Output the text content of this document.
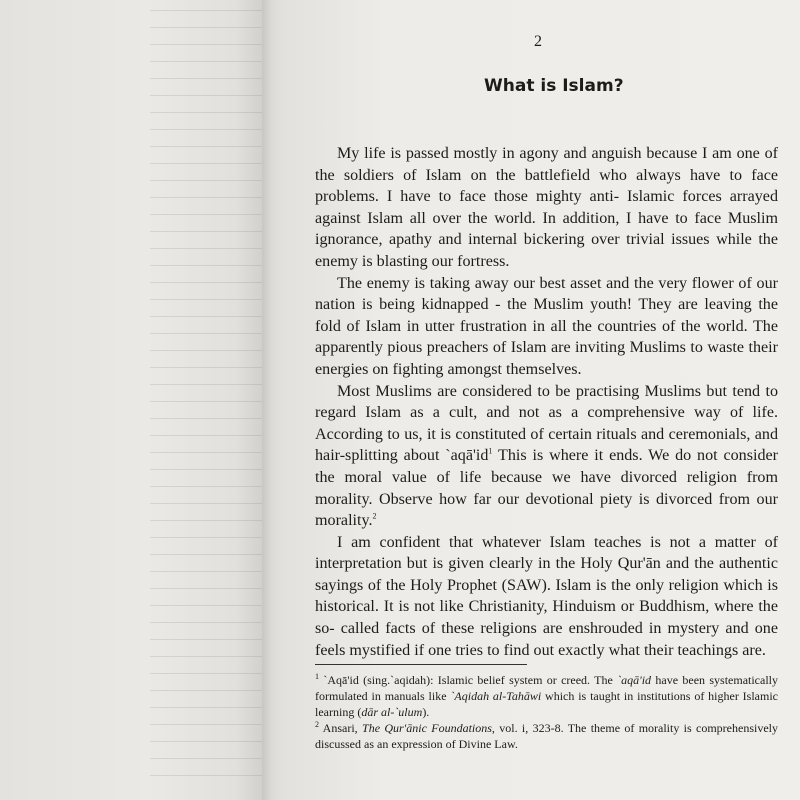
2
What is Islam?

My life is passed mostly in agony and anguish because I am one of the soldiers of Islam on the battlefield who always have to face problems. I have to face those mighty anti- Islamic forces arrayed against Islam all over the world. In addition, I have to face Muslim ignorance, apathy and internal bickering over trivial issues while the enemy is blasting our fortress.

The enemy is taking away our best asset and the very flower of our nation is being kidnapped - the Muslim youth! They are leaving the fold of Islam in utter frustration in all the countries of the world. The apparently pious preachers of Islam are inviting Muslims to waste their energies on fighting amongst themselves.

Most Muslims are considered to be practising Muslims but tend to regard Islam as a cult, and not as a comprehensive way of life. According to us, it is constituted of certain rituals and ceremonials, and hair-splitting about $`aqā'id^1$ This is where it ends. We do not consider the moral value of life because we have divorced religion from morality. Observe how far our devotional piety is divorced from our morality.$^2$

I am confident that whatever Islam teaches is not a matter of interpretation but is given clearly in the Holy Qur'ān and the authentic sayings of the Holy Prophet (SAW). Islam is the only religion which is historical. It is not like Christianity, Hinduism or Buddhism, where the so- called facts of these religions are enshrouded in mystery and one feels mystified if one tries to find out exactly what their teachings are.

$^1$ `Aqā'id (sing.`aqidah): Islamic belief system or creed. The `aqā'id have been systematically formulated in manuals like `Aqidah al-Tahāwi which is taught in institutions of higher Islamic learning (dār al-`ulum).

$^2$ Ansari, The Qur'ānic Foundations, vol. i, 323-8. The theme of morality is comprehensively discussed as an expression of Divine Law.
